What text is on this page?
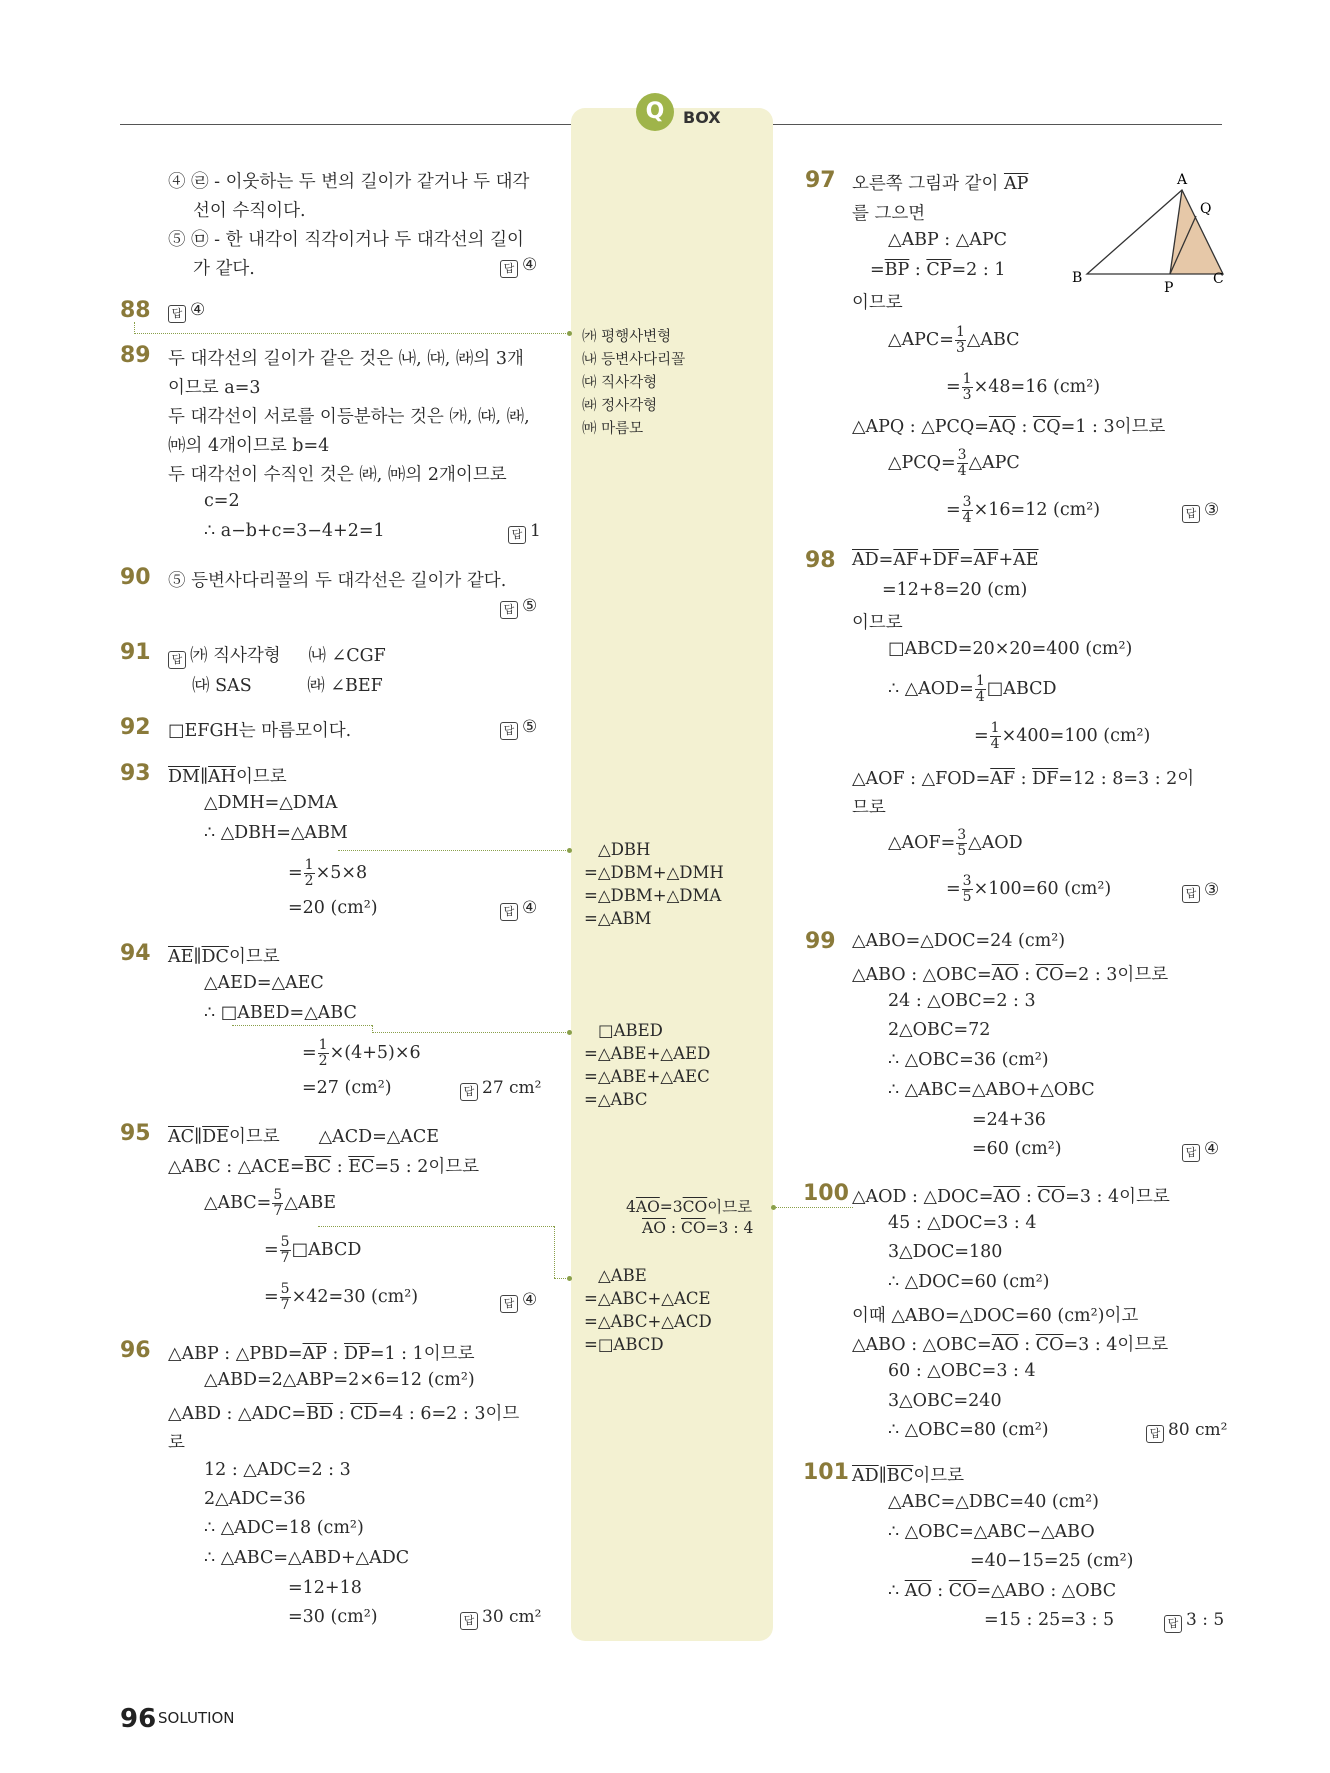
Q	BOX
④ ㉣ - 이웃하는 두 변의 길이가 같거나 두 대각
선이 수직이다.
⑤ ㉤ - 한 내각이 직각이거나 두 대각선의 길이
가 같다.	답 ④
88	답 ④
89 두 대각선의 길이가 같은 것은 ㈏, ㈐, ㈑의 3개
이므로 a=3
두 대각선이 서로를 이등분하는 것은 ㈎, ㈐, ㈑,
㈒의 4개이므로 b=4
두 대각선이 수직인 것은 ㈑, ㈒의 2개이므로
c=2
∴ a−b+c=3−4+2=1	답 1
90 ⑤ 등변사다리꼴의 두 대각선은 길이가 같다.
답 ⑤
91	답 ㈎ 직사각형     ㈏ ∠CGF
㈐ SAS          ㈑ ∠BEF
92 □EFGH는 마름모이다.	답 ⑤
93 $\overline{DM}\parallel\overline{AH}$이므로
△DMH=△DMA
∴ △DBH=△ABM
= $\frac{1}{2} \times 5\times 8$
=20 (cm²)	답 ④
94 $\overline{AE}\parallel\overline{DC}$이므로
△AED=△AEC
∴ □ABED=△ABC
= $\frac{1}{2} \times(4+5)\times 6$
=27 (cm²)	답 27 cm²
95 $\overline{AC}\parallel\overline{DE}$이므로       △ACD=△ACE
△ABC : $\triangle ACE=\overline{BC}$ : $\overline{EC}=5$ : 2이므로
△ABC= $\frac{5}{7}$ △ABE
= $\frac{5}{7}$ □ABCD
= $\frac{5}{7} \times 42=30$ (cm²)	답 ④
96 △ABP : $\triangle PBD=\overline{AP}$ : $\overline{DP}=1$ : 1이므로
△ABD=2△ABP=2×6=12 (cm²)
△ABD : $\triangle ADC=\overline{BD}$ : $\overline{CD}=4$ : 6=2 : 3이므
로
12 : △ADC=2 : 3
2△ADC=36
∴ △ADC=18 (cm²)
∴ △ABC=△ABD+△ADC
=12+18
=30 (cm²)	답 30 cm²
㈎ 평행사변형
㈏ 등변사다리꼴
㈐ 직사각형
㈑ 정사각형
㈒ 마름모
△DBH
=△DBM+△DMH
=△DBM+△DMA
=△ABM
□ABED
=△ABE+△AED
=△ABE+△AEC
=△ABC
$4\overline{AO}=3\overline{CO}$이므로
$\overline{AO}$ : $\overline{CO}=3$ : 4
△ABE
=△ABC+△ACE
=△ABC+△ACD
=□ABCD
97 오른쪽 그림과 같이 $\overline{AP}$
를 그으면
△ABP : △APC
$=\overline{BP}$ : $\overline{CP}=2$ : 1
이므로
A
Q
B
P
C
△APC= $\frac{1}{3}$ △ABC
= $\frac{1}{3} \times 48=16$ (cm²)
△APQ : $\triangle PCQ=\overline{AQ}$ : $\overline{CQ}=1$ : 3이므로
△PCQ= $\frac{3}{4}$ △APC
= $\frac{3}{4} \times 16=12$ (cm²)	답 ③
98 $\overline{AD}=\overline{AF}+\overline{DF}=\overline{AF}+\overline{AE}$
=12+8=20 (cm)
이므로
□ABCD=20×20=400 (cm²)
∴ △AOD= $\frac{1}{4}$ □ABCD
= $\frac{1}{4} \times 400=100$ (cm²)
△AOF : $\triangle FOD=\overline{AF}$ : $\overline{DF}=12$ : 8=3 : 2이
므로
△AOF= $\frac{3}{5}$ △AOD
= $\frac{3}{5} \times 100=60$ (cm²)	답 ③
99 △ABO=△DOC=24 (cm²)
△ABO : $\triangle OBC=\overline{AO}$ : $\overline{CO}=2$ : 3이므로
24 : △OBC=2 : 3
2△OBC=72
∴ △OBC=36 (cm²)
∴ △ABC=△ABO+△OBC
=24+36
=60 (cm²)	답 ④
100 △AOD : $\triangle DOC=\overline{AO}$ : $\overline{CO}=3$ : 4이므로
45 : △DOC=3 : 4
3△DOC=180
∴ △DOC=60 (cm²)
이때 △ABO=△DOC=60 (cm²)이고
△ABO : $\triangle OBC=\overline{AO}$ : $\overline{CO}=3$ : 4이므로
60 : △OBC=3 : 4
3△OBC=240
∴ △OBC=80 (cm²)	답 80 cm²
101 $\overline{AD}\parallel\overline{BC}$이므로
△ABC=△DBC=40 (cm²)
∴ △OBC=△ABC−△ABO
=40−15=25 (cm²)
∴ $\overline{AO}$ : $\overline{CO}=\triangle ABO$ : △OBC
=15 : 25=3 : 5	답 3 : 5
96 SOLUTION
